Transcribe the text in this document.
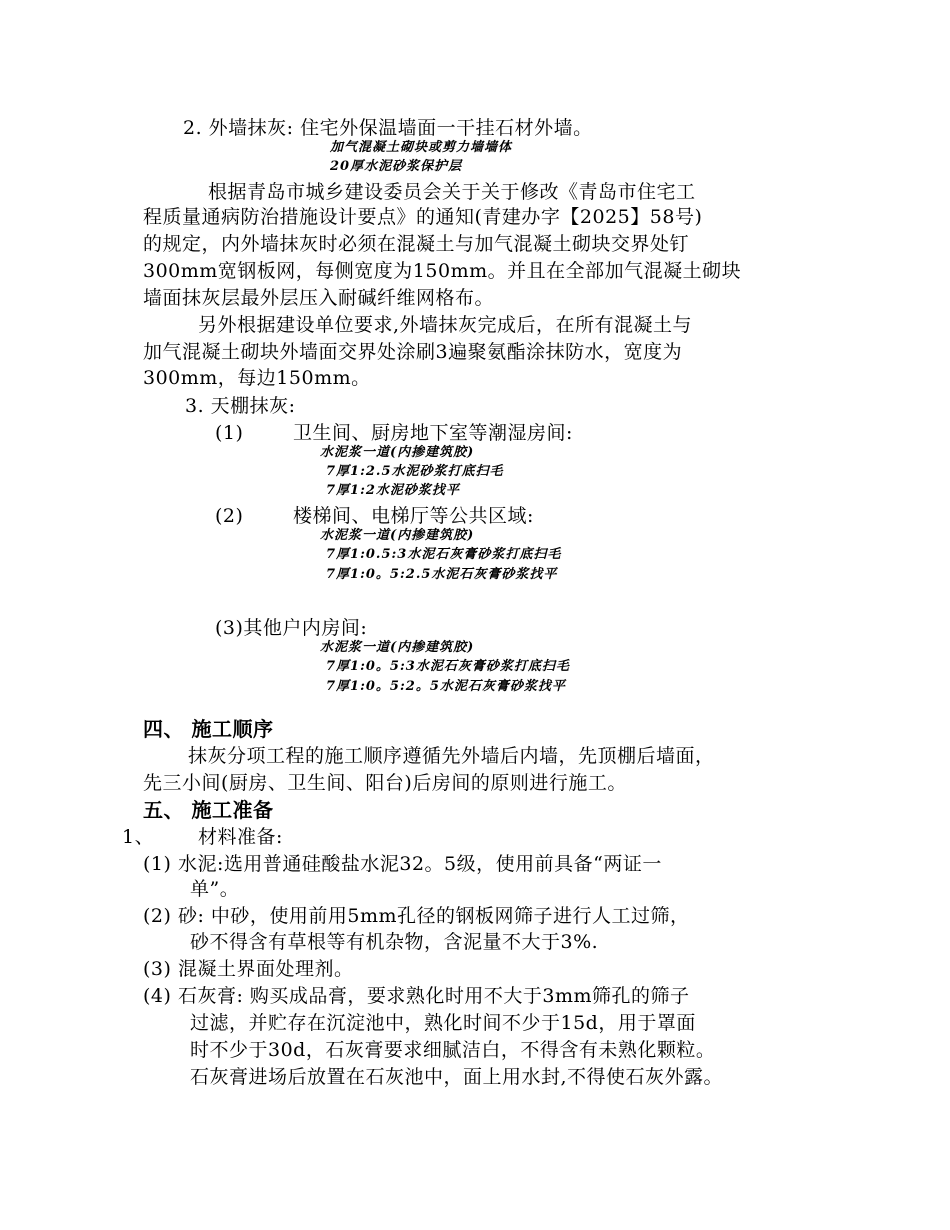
2. 外墙抹灰: 住宅外保温墙面一干挂石材外墙。
加气混凝土砌块或剪力墙墙体
20厚水泥砂浆保护层
根据青岛市城乡建设委员会关于关于修改《青岛市住宅工
程质量通病防治措施设计要点》的通知(青建办字【2025】58号)
的规定，内外墙抹灰时必须在混凝土与加气混凝土砌块交界处钉
300mm宽钢板网，每侧宽度为150mm。并且在全部加气混凝土砌块
墙面抹灰层最外层压入耐碱纤维网格布。
另外根据建设单位要求,外墙抹灰完成后，在所有混凝土与
加气混凝土砌块外墙面交界处涂刷3遍聚氨酯涂抹防水，宽度为
300mm，每边150mm。
3. 天棚抹灰:
(1)	卫生间、厨房地下室等潮湿房间:
水泥浆一道(内掺建筑胶)
7厚1:2.5水泥砂浆打底扫毛
7厚1:2水泥砂浆找平
(2)	楼梯间、电梯厅等公共区域:
水泥浆一道(内掺建筑胶)
7厚1:0.5:3水泥石灰膏砂浆打底扫毛
7厚1:0。5:2.5水泥石灰膏砂浆找平
(3)其他户内房间:
水泥浆一道(内掺建筑胶)
7厚1:0。5:3水泥石灰膏砂浆打底扫毛
7厚1:0。5:2。5水泥石灰膏砂浆找平
四、 施工顺序
抹灰分项工程的施工顺序遵循先外墙后内墙，先顶棚后墙面，
先三小间(厨房、卫生间、阳台)后房间的原则进行施工。
五、 施工准备
1、 材料准备:
(1) 水泥:选用普通硅酸盐水泥32。5级，使用前具备“两证一
单”。
(2) 砂: 中砂，使用前用5mm孔径的钢板网筛子进行人工过筛，
砂不得含有草根等有机杂物，含泥量不大于3%.
(3) 混凝土界面处理剂。
(4) 石灰膏: 购买成品膏，要求熟化时用不大于3mm筛孔的筛子
过滤，并贮存在沉淀池中，熟化时间不少于15d，用于罩面
时不少于30d，石灰膏要求细腻洁白，不得含有未熟化颗粒。
石灰膏进场后放置在石灰池中，面上用水封,不得使石灰外露。
